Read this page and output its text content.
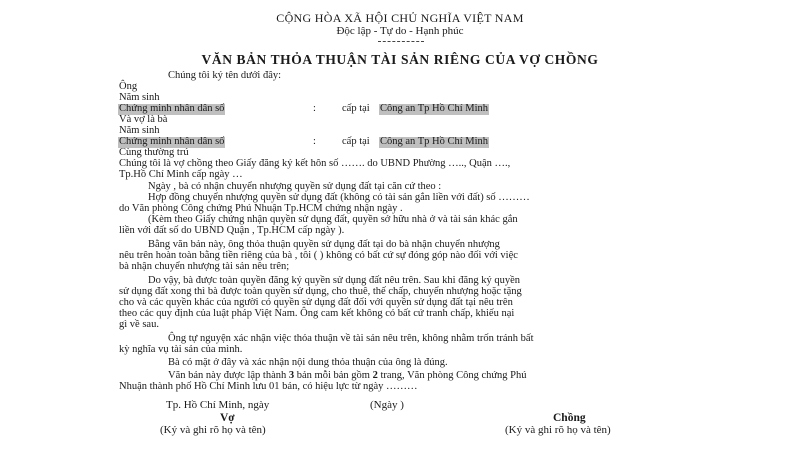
CỘNG HÒA XÃ HỘI CHỦ NGHĨA VIỆT NAM
Độc lập - Tự do - Hạnh phúc
VĂN BẢN THỎA THUẬN TÀI SẢN RIÊNG CỦA VỢ CHỒNG
Chúng tôi ký tên dưới đây:
Ông
Năm sinh
Chứng minh nhân dân số	: cấp tại Công an Tp Hồ Chí Minh
Và vợ là bà
Năm sinh
Chứng minh nhân dân số	: cấp tại Công an Tp Hồ Chí Minh
Cùng thường trú
Chúng tôi là vợ chồng theo Giấy đăng ký kết hôn số ……. do UBND Phường ….., Quận ….,
Tp.Hồ Chí Minh cấp ngày …
Ngày , bà có nhận chuyển nhượng quyền sử dụng đất tại căn cứ theo :
Hợp đồng chuyển nhượng quyền sử dụng đất (không có tài sản gắn liền với đất) số ………
do Văn phòng Công chứng Phú Nhuận Tp.HCM chứng nhận ngày .
(Kèm theo Giấy chứng nhận quyền sử dụng đất, quyền sở hữu nhà ở và tài sản khác gắn
liền với đất số do UBND Quận , Tp.HCM cấp ngày ).
Bằng văn bản này, ông thỏa thuận quyền sử dụng đất tại do bà nhận chuyển nhượng
nêu trên hoàn toàn bằng tiền riêng của bà , tôi ( ) không có bất cứ sự đóng góp nào đối với việc
bà nhận chuyển nhượng tài sản nêu trên;
Do vậy, bà được toàn quyền đăng ký quyền sử dụng đất nêu trên. Sau khi đăng ký quyền
sử dụng đất xong thì bà được toàn quyền sử dụng, cho thuê, thế chấp, chuyển nhượng hoặc tặng
cho và các quyền khác của người có quyền sử dụng đất đối với quyền sử dụng đất tại nêu trên
theo các quy định của luật pháp Việt Nam. Ông cam kết không có bất cứ tranh chấp, khiếu nại
gì về sau.
Ông tự nguyện xác nhận việc thỏa thuận về tài sản nêu trên, không nhằm trốn tránh bất
kỳ nghĩa vụ tài sản của mình.
Bà có mặt ở đây và xác nhận nội dung thỏa thuận của ông là đúng.
Văn bản này được lập thành 3 bản mỗi bản gồm 2 trang, Văn phòng Công chứng Phú
Nhuận thành phố Hồ Chí Minh lưu 01 bản, có hiệu lực từ ngày ………
Tp. Hồ Chí Minh, ngày	(Ngày )
Vợ	Chồng
(Ký và ghi rõ họ và tên)	(Ký và ghi rõ họ và tên)
